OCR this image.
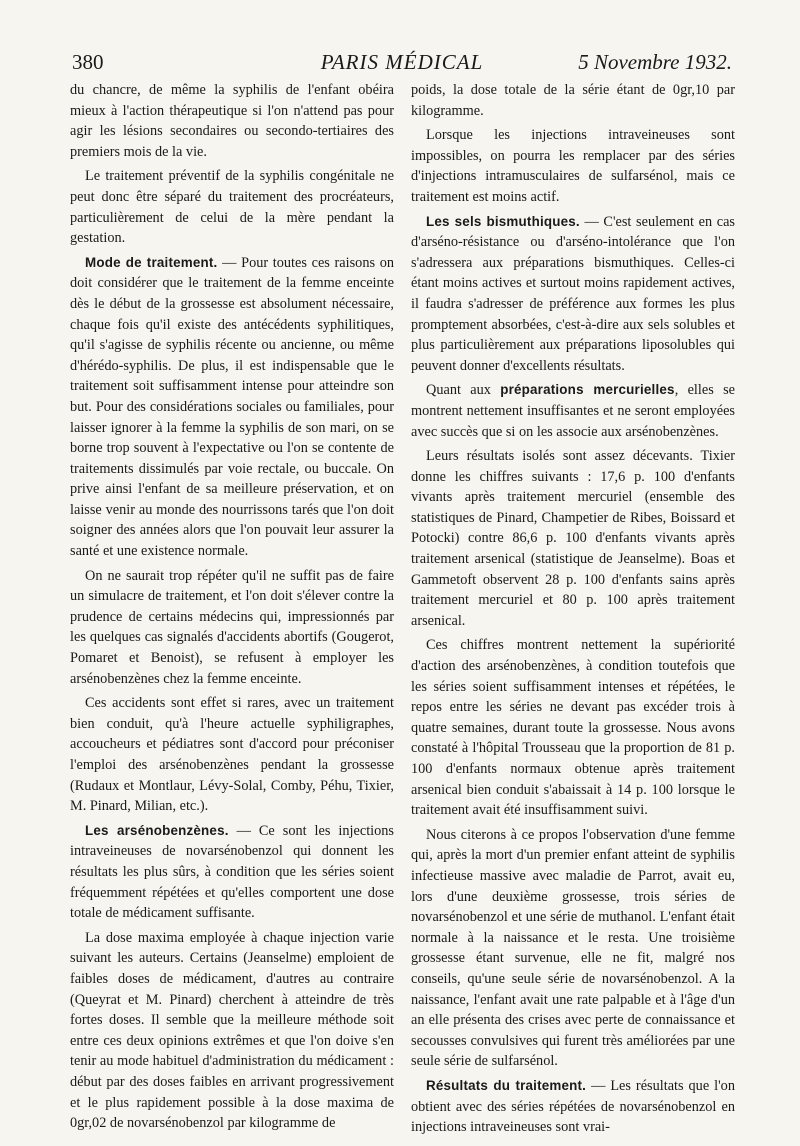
380	PARIS MÉDICAL	5 Novembre 1932.

du chancre, de même la syphilis de l'enfant obéira mieux à l'action thérapeutique si l'on n'attend pas pour agir les lésions secondaires ou secondo-tertiaires des premiers mois de la vie.

Le traitement préventif de la syphilis congénitale ne peut donc être séparé du traitement des procréateurs, particulièrement de celui de la mère pendant la gestation.

Mode de traitement. — Pour toutes ces raisons on doit considérer que le traitement de la femme enceinte dès le début de la grossesse est absolument nécessaire, chaque fois qu'il existe des antécédents syphilitiques, qu'il s'agisse de syphilis récente ou ancienne, ou même d'hérédo-syphilis. De plus, il est indispensable que le traitement soit suffisamment intense pour atteindre son but. Pour des considérations sociales ou familiales, pour laisser ignorer à la femme la syphilis de son mari, on se borne trop souvent à l'expectative ou l'on se contente de traitements dissimulés par voie rectale, ou buccale. On prive ainsi l'enfant de sa meilleure préservation, et on laisse venir au monde des nourrissons tarés que l'on doit soigner des années alors que l'on pouvait leur assurer la santé et une existence normale.

On ne saurait trop répéter qu'il ne suffit pas de faire un simulacre de traitement, et l'on doit s'élever contre la prudence de certains médecins qui, impressionnés par les quelques cas signalés d'accidents abortifs (Gougerot, Pomaret et Benoist), se refusent à employer les arsénobenzènes chez la femme enceinte.

Ces accidents sont effet si rares, avec un traitement bien conduit, qu'à l'heure actuelle syphiligraphes, accoucheurs et pédiatres sont d'accord pour préconiser l'emploi des arsénobenzènes pendant la grossesse (Rudaux et Montlaur, Lévy-Solal, Comby, Péhu, Tixier, M. Pinard, Milian, etc.).

Les arsénobenzènes. — Ce sont les injections intraveineuses de novarsénobenzol qui donnent les résultats les plus sûrs, à condition que les séries soient fréquemment répétées et qu'elles comportent une dose totale de médicament suffisante.

La dose maxima employée à chaque injection varie suivant les auteurs. Certains (Jeanselme) emploient de faibles doses de médicament, d'autres au contraire (Queyrat et M. Pinard) cherchent à atteindre de très fortes doses. Il semble que la meilleure méthode soit entre ces deux opinions extrêmes et que l'on doive s'en tenir au mode habituel d'administration du médicament : début par des doses faibles en arrivant progressivement et le plus rapidement possible à la dose maxima de 0gr,02 de novarsénobenzol par kilogramme de

poids, la dose totale de la série étant de 0gr,10 par kilogramme.

Lorsque les injections intraveineuses sont impossibles, on pourra les remplacer par des séries d'injections intramusculaires de sulfarsénol, mais ce traitement est moins actif.

Les sels bismuthiques. — C'est seulement en cas d'arséno-résistance ou d'arséno-intolérance que l'on s'adressera aux préparations bismuthiques. Celles-ci étant moins actives et surtout moins rapidement actives, il faudra s'adresser de préférence aux formes les plus promptement absorbées, c'est-à-dire aux sels solubles et plus particulièrement aux préparations liposolubles qui peuvent donner d'excellents résultats.

Quant aux préparations mercurielles, elles se montrent nettement insuffisantes et ne seront employées avec succès que si on les associe aux arsénobenzènes.

Leurs résultats isolés sont assez décevants. Tixier donne les chiffres suivants : 17,6 p. 100 d'enfants vivants après traitement mercuriel (ensemble des statistiques de Pinard, Champetier de Ribes, Boissard et Potocki) contre 86,6 p. 100 d'enfants vivants après traitement arsenical (statistique de Jeanselme). Boas et Gammetoft observent 28 p. 100 d'enfants sains après traitement mercuriel et 80 p. 100 après traitement arsenical.

Ces chiffres montrent nettement la supériorité d'action des arsénobenzènes, à condition toutefois que les séries soient suffisamment intenses et répétées, le repos entre les séries ne devant pas excéder trois à quatre semaines, durant toute la grossesse. Nous avons constaté à l'hôpital Trousseau que la proportion de 81 p. 100 d'enfants normaux obtenue après traitement arsenical bien conduit s'abaissait à 14 p. 100 lorsque le traitement avait été insuffisamment suivi.

Nous citerons à ce propos l'observation d'une femme qui, après la mort d'un premier enfant atteint de syphilis infectieuse massive avec maladie de Parrot, avait eu, lors d'une deuxième grossesse, trois séries de novarsénobenzol et une série de muthanol. L'enfant était normale à la naissance et le resta. Une troisième grossesse étant survenue, elle ne fit, malgré nos conseils, qu'une seule série de novarsénobenzol. A la naissance, l'enfant avait une rate palpable et à l'âge d'un an elle présenta des crises avec perte de connaissance et secousses convulsives qui furent très améliorées par une seule série de sulfarsénol.

Résultats du traitement. — Les résultats que l'on obtient avec des séries répétées de novarsénobenzol en injections intraveineuses sont vrai-
